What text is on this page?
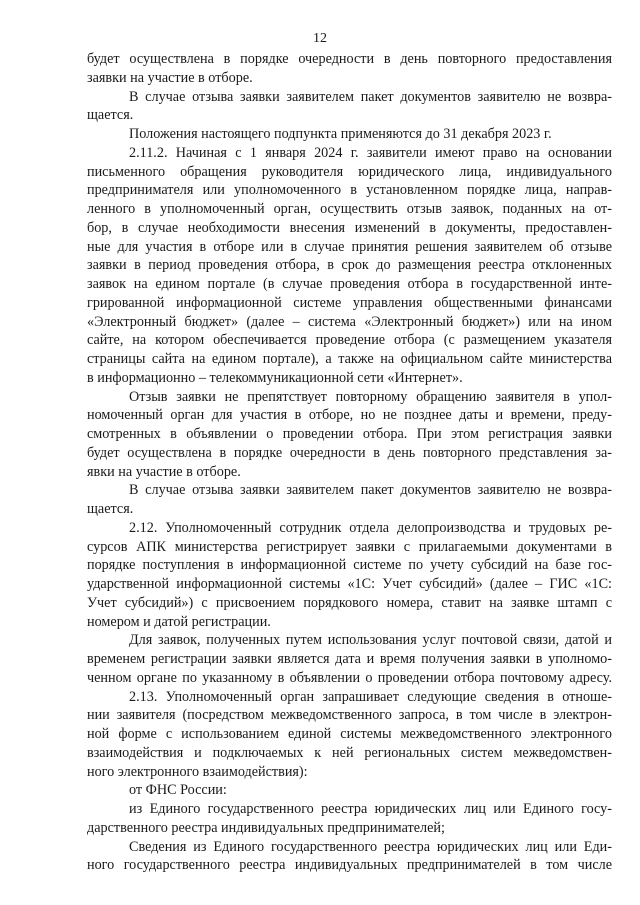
12
будет осуществлена в порядке очередности в день повторного предоставления
заявки на участие в отборе.
В случае отзыва заявки заявителем пакет документов заявителю не возвра-
щается.
Положения настоящего подпункта применяются до 31 декабря 2023 г.
2.11.2. Начиная с 1 января 2024 г. заявители имеют право на основании
письменного обращения руководителя юридического лица, индивидуального
предпринимателя или уполномоченного в установленном порядке лица, направ-
ленного в уполномоченный орган, осуществить отзыв заявок, поданных на от-
бор, в случае необходимости внесения изменений в документы, предоставлен-
ные для участия в отборе или в случае принятия решения заявителем об отзыве
заявки в период проведения отбора, в срок до размещения реестра отклоненных
заявок на едином портале (в случае проведения отбора в государственной инте-
грированной информационной системе управления общественными финансами
«Электронный бюджет» (далее – система «Электронный бюджет») или на ином
сайте, на котором обеспечивается проведение отбора (с размещением указателя
страницы сайта на едином портале), а также на официальном сайте министерства
в информационно – телекоммуникационной сети «Интернет».
Отзыв заявки не препятствует повторному обращению заявителя в упол-
номоченный орган для участия в отборе, но не позднее даты и времени, преду-
смотренных в объявлении о проведении отбора. При этом регистрация заявки
будет осуществлена в порядке очередности в день повторного представления за-
явки на участие в отборе.
В случае отзыва заявки заявителем пакет документов заявителю не возвра-
щается.
2.12. Уполномоченный сотрудник отдела делопроизводства и трудовых ре-
сурсов АПК министерства регистрирует заявки с прилагаемыми документами в
порядке поступления в информационной системе по учету субсидий на базе гос-
ударственной информационной системы «1С: Учет субсидий» (далее – ГИС «1С:
Учет субсидий») с присвоением порядкового номера, ставит на заявке штамп с
номером и датой регистрации.
Для заявок, полученных путем использования услуг почтовой связи, датой и
временем регистрации заявки является дата и время получения заявки в уполномо-
ченном органе по указанному в объявлении о проведении отбора почтовому адресу.
2.13. Уполномоченный орган запрашивает следующие сведения в отноше-
нии заявителя (посредством межведомственного запроса, в том числе в электрон-
ной форме с использованием единой системы межведомственного электронного
взаимодействия и подключаемых к ней региональных систем межведомствен-
ного электронного взаимодействия):
от ФНС России:
из Единого государственного реестра юридических лиц или Единого госу-
дарственного реестра индивидуальных предпринимателей;
Сведения из Единого государственного реестра юридических лиц или Еди-
ного государственного реестра индивидуальных предпринимателей в том числе
